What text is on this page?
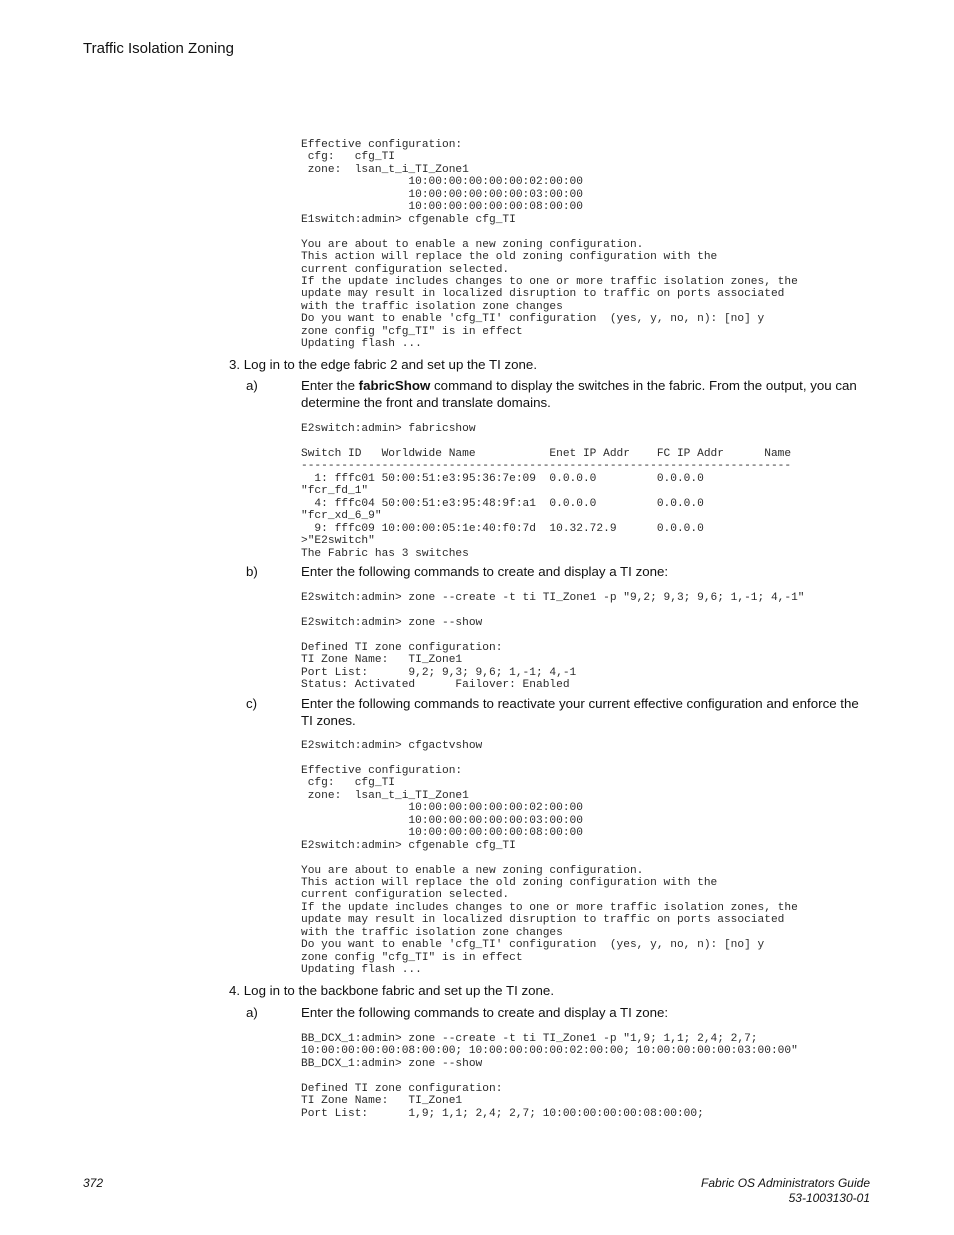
Traffic Isolation Zoning
Effective configuration:
cfg:   cfg_TI
zone:  lsan_t_i_TI_Zone1
10:00:00:00:00:00:02:00:00
10:00:00:00:00:00:03:00:00
10:00:00:00:00:00:08:00:00
E1switch:admin> cfgenable cfg_TI

You are about to enable a new zoning configuration.
This action will replace the old zoning configuration with the
current configuration selected.
If the update includes changes to one or more traffic isolation zones, the
update may result in localized disruption to traffic on ports associated
with the traffic isolation zone changes
Do you want to enable 'cfg_TI' configuration  (yes, y, no, n): [no] y
zone config "cfg_TI" is in effect
Updating flash ...
3. Log in to the edge fabric 2 and set up the TI zone.
a)	Enter the fabricShow command to display the switches in the fabric. From the output, you can determine the front and translate domains.
E2switch:admin> fabricshow

Switch ID   Worldwide Name           Enet IP Addr    FC IP Addr      Name
-------------------------------------------------------------------------
1: fffc01 50:00:51:e3:95:36:7e:09  0.0.0.0         0.0.0.0
"fcr_fd_1"
4: fffc04 50:00:51:e3:95:48:9f:a1  0.0.0.0         0.0.0.0
"fcr_xd_6_9"
9: fffc09 10:00:00:05:1e:40:f0:7d  10.32.72.9      0.0.0.0
>"E2switch"
The Fabric has 3 switches
b)	Enter the following commands to create and display a TI zone:
E2switch:admin> zone --create -t ti TI_Zone1 -p "9,2; 9,3; 9,6; 1,-1; 4,-1"

E2switch:admin> zone --show

Defined TI zone configuration:
TI Zone Name:   TI_Zone1
Port List:      9,2; 9,3; 9,6; 1,-1; 4,-1
Status: Activated      Failover: Enabled
c)	Enter the following commands to reactivate your current effective configuration and enforce the TI zones.
E2switch:admin> cfgactvshow

Effective configuration:
cfg:   cfg_TI
zone:  lsan_t_i_TI_Zone1
10:00:00:00:00:00:02:00:00
10:00:00:00:00:00:03:00:00
10:00:00:00:00:00:08:00:00
E2switch:admin> cfgenable cfg_TI

You are about to enable a new zoning configuration.
This action will replace the old zoning configuration with the
current configuration selected.
If the update includes changes to one or more traffic isolation zones, the
update may result in localized disruption to traffic on ports associated
with the traffic isolation zone changes
Do you want to enable 'cfg_TI' configuration  (yes, y, no, n): [no] y
zone config "cfg_TI" is in effect
Updating flash ...
4. Log in to the backbone fabric and set up the TI zone.
a)	Enter the following commands to create and display a TI zone:
BB_DCX_1:admin> zone --create -t ti TI_Zone1 -p "1,9; 1,1; 2,4; 2,7;
10:00:00:00:00:08:00:00; 10:00:00:00:00:02:00:00; 10:00:00:00:00:03:00:00"
BB_DCX_1:admin> zone --show

Defined TI zone configuration:
TI Zone Name:   TI_Zone1
Port List:      1,9; 1,1; 2,4; 2,7; 10:00:00:00:00:08:00:00;
372	Fabric OS Administrators Guide
53-1003130-01
